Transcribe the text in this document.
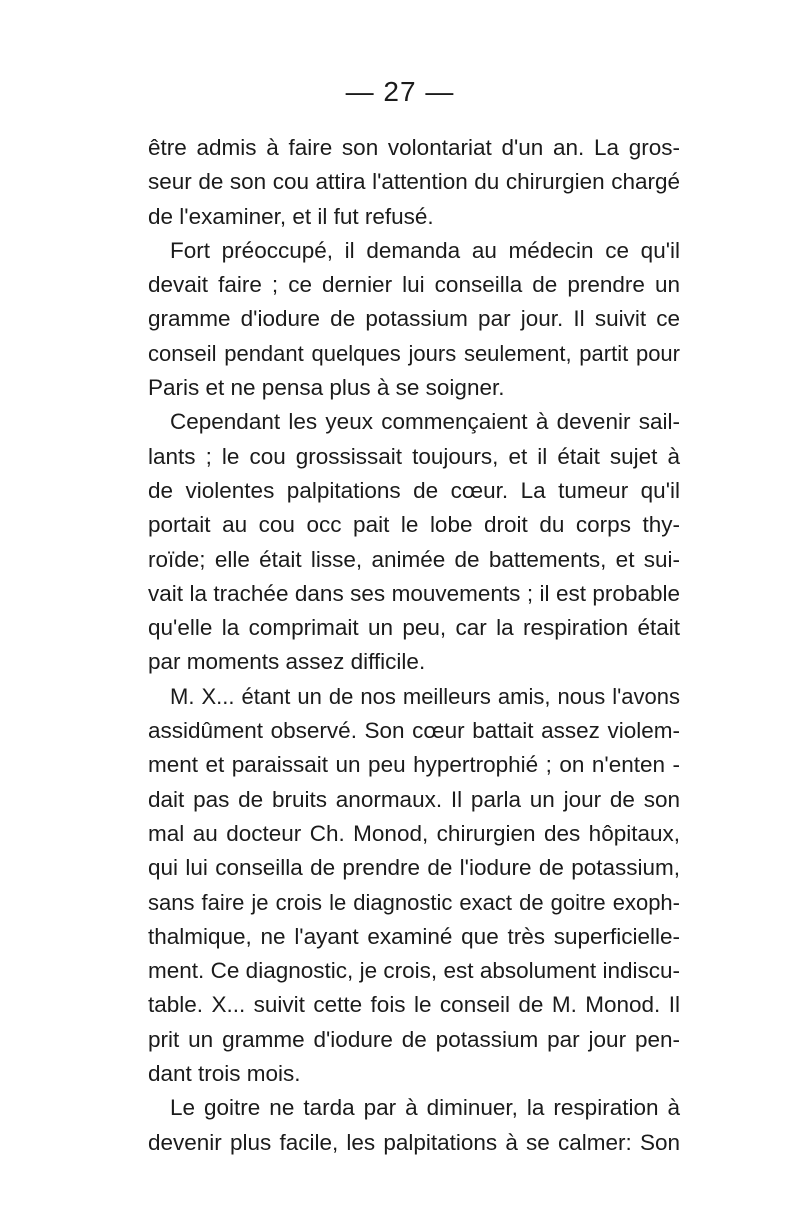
— 27 —
être admis à faire son volontariat d'un an. La gros-
seur de son cou attira l'attention du chirurgien chargé
de l'examiner, et il fut refusé.
Fort préoccupé, il demanda au médecin ce qu'il
devait faire ; ce dernier lui conseilla de prendre un
gramme d'iodure de potassium par jour. Il suivit ce
conseil pendant quelques jours seulement, partit pour
Paris et ne pensa plus à se soigner.
Cependant les yeux commençaient à devenir sail-
lants ; le cou grossissait toujours, et il était sujet à
de violentes palpitations de cœur. La tumeur qu'il
portait au cou occ pait le lobe droit du corps thy-
roïde; elle était lisse, animée de battements, et sui-
vait la trachée dans ses mouvements ; il est probable
qu'elle la comprimait un peu, car la respiration était
par moments assez difficile.
M. X... étant un de nos meilleurs amis, nous l'avons
assidûment observé. Son cœur battait assez violem-
ment et paraissait un peu hypertrophié ; on n'enten -
dait pas de bruits anormaux. Il parla un jour de son
mal au docteur Ch. Monod, chirurgien des hôpitaux,
qui lui conseilla de prendre de l'iodure de potassium,
sans faire je crois le diagnostic exact de goitre exoph-
thalmique, ne l'ayant examiné que très superficielle-
ment. Ce diagnostic, je crois, est absolument indiscu-
table. X... suivit cette fois le conseil de M. Monod. Il
prit un gramme d'iodure de potassium par jour pen-
dant trois mois.
Le goitre ne tarda par à diminuer, la respiration à
devenir plus facile, les palpitations à se calmer: Son
